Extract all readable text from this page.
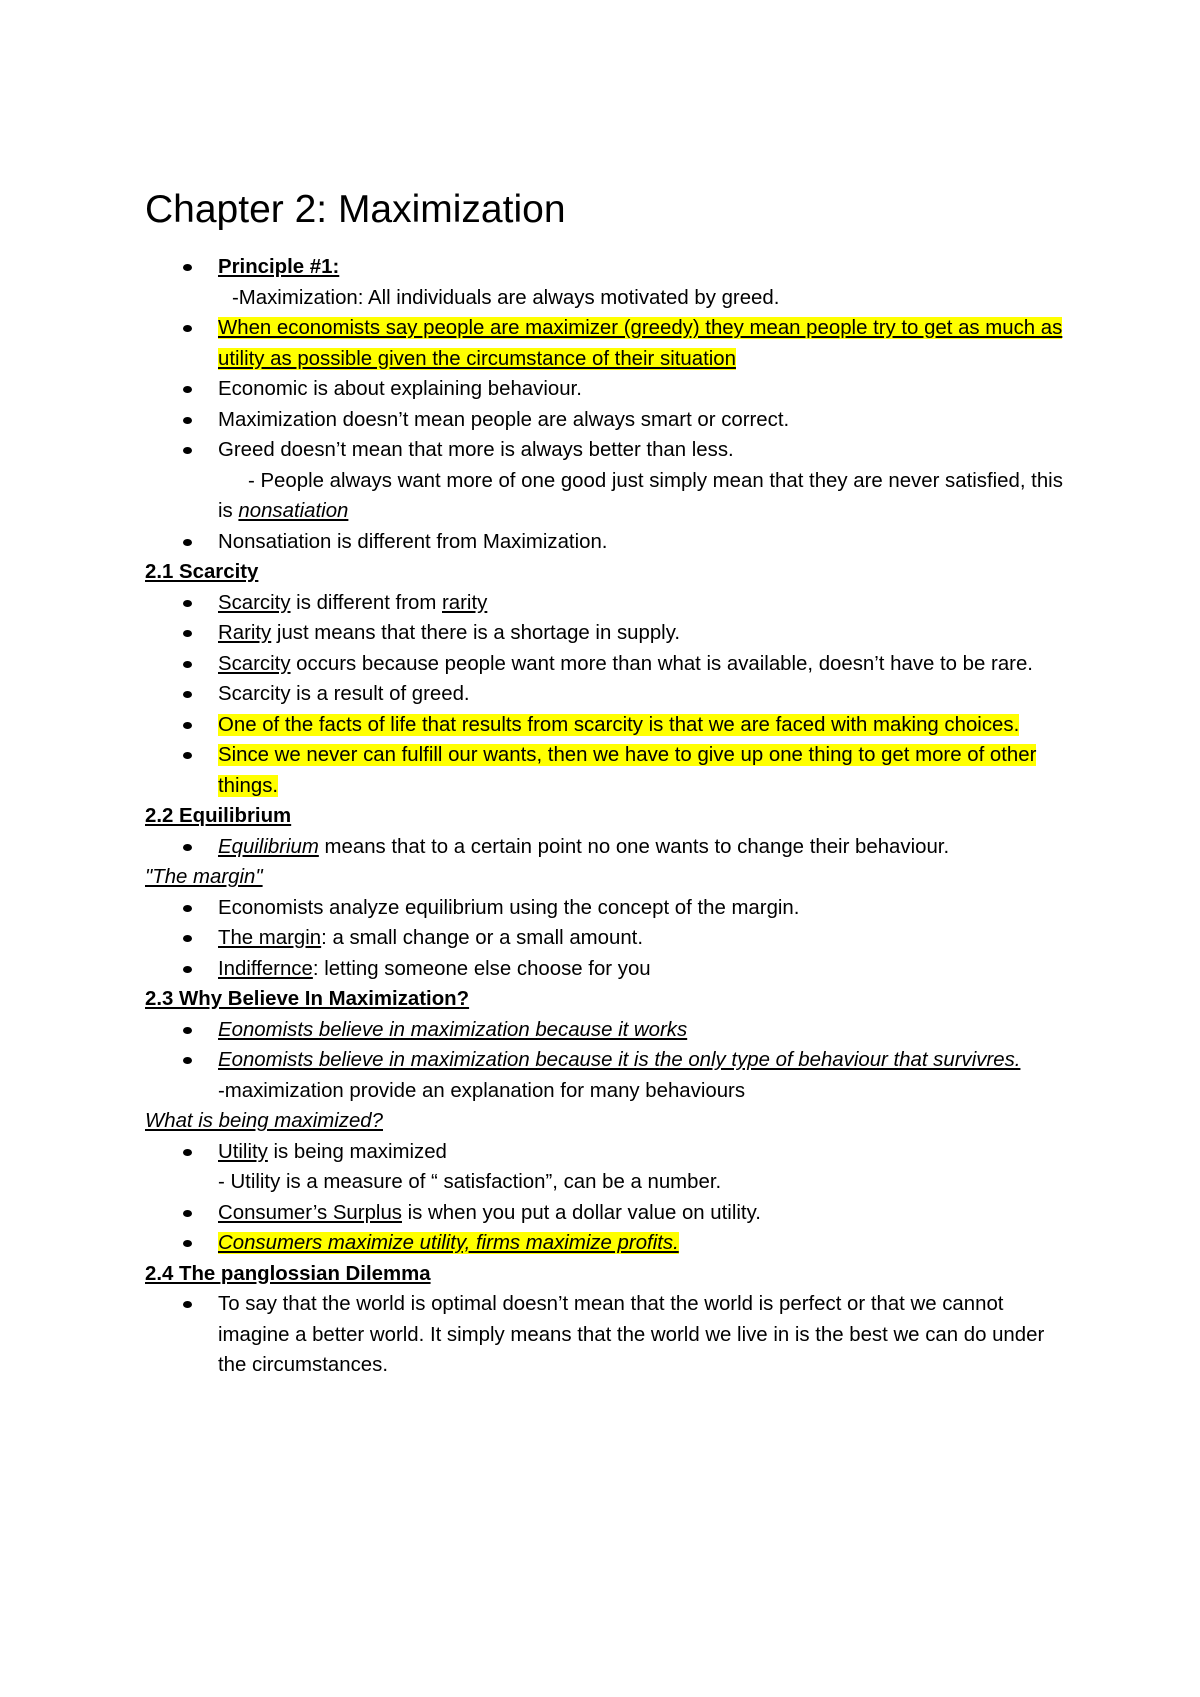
Chapter 2: Maximization
Principle #1:
-Maximization: All individuals are always motivated by greed.
When economists say people are maximizer (greedy) they mean people try to get as much as utility as possible given the circumstance of their situation
Economic is about explaining behaviour.
Maximization doesn’t mean people are always smart or correct.
Greed doesn’t mean that more is always better than less.
- People always want more of one good just simply mean that they are never satisfied, this is nonsatiation
Nonsatiation is different from Maximization.
2.1 Scarcity
Scarcity is different from rarity
Rarity just means that there is a shortage in supply.
Scarcity occurs because people want more than what is available, doesn’t have to be rare.
Scarcity is a result of greed.
One of the facts of life that results from scarcity is that we are faced with making choices.
Since we never can fulfill our wants, then we have to give up one thing to get more of other things.
2.2 Equilibrium
Equilibrium means that to a certain point no one wants to change their behaviour.
"The margin"
Economists analyze equilibrium using the concept of the margin.
The margin: a small change or a small amount.
Indiffernce: letting someone else choose for you
2.3 Why Believe In Maximization?
Eonomists believe in maximization because it works
Eonomists believe in maximization because it is the only type of behaviour that survivres.
-maximization provide an explanation for many behaviours
What is being maximized?
Utility is being maximized
- Utility is a measure of “ satisfaction”, can be a number.
Consumer’s Surplus is when you put a dollar value on utility.
Consumers maximize utility, firms maximize profits.
2.4 The panglossian Dilemma
To say that the world is optimal doesn’t mean that the world is perfect or that we cannot imagine a better world. It simply means that the world we live in is the best we can do under the circumstances.
